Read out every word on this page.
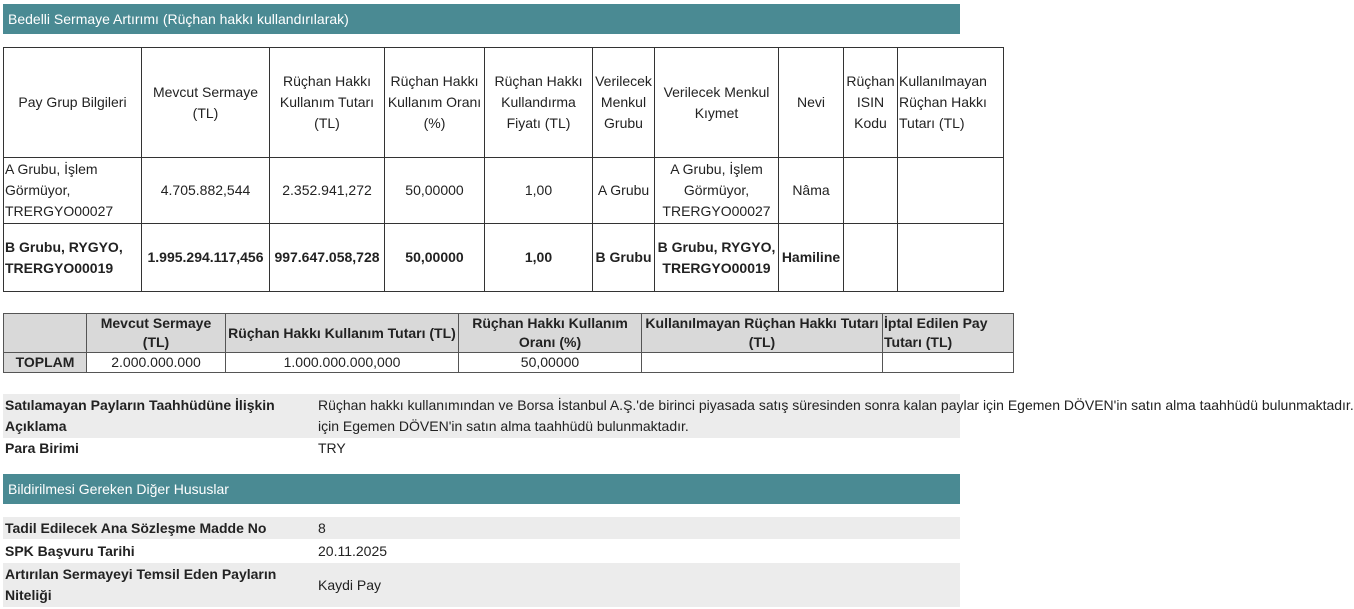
Bedelli Sermaye Artırımı (Rüçhan hakkı kullandırılarak)
Pay Grup Bilgileri	Mevcut Sermaye (TL)	Rüçhan Hakkı Kullanım Tutarı (TL)	Rüçhan Hakkı Kullanım Oranı (%)	Rüçhan Hakkı Kullandırma Fiyatı (TL)	Verilecek Menkul Grubu	Verilecek Menkul Kıymet	Nevi	Rüçhan ISIN Kodu	Kullanılmayan Rüçhan Hakkı Tutarı (TL)
A Grubu, İşlem Görmüyor, TRERGYO00027	4.705.882,544	2.352.941,272	50,00000	1,00	A Grubu	A Grubu, İşlem Görmüyor, TRERGYO00027	Nâma		
B Grubu, RYGYO, TRERGYO00019	1.995.294.117,456	997.647.058,728	50,00000	1,00	B Grubu	B Grubu, RYGYO, TRERGYO00019	Hamiline		
	Mevcut Sermaye (TL)	Rüçhan Hakkı Kullanım Tutarı (TL)	Rüçhan Hakkı Kullanım Oranı (%)	Kullanılmayan Rüçhan Hakkı Tutarı (TL)	İptal Edilen Pay Tutarı (TL)
TOPLAM	2.000.000.000	1.000.000.000,000	50,00000		
Satılamayan Payların Taahhüdüne İlişkin Açıklama
Rüçhan hakkı kullanımından ve Borsa İstanbul A.Ş.'de birinci piyasada satış süresinden sonra kalan paylar için Egemen DÖVEN'in satın alma taahhüdü bulunmaktadır.
için Egemen DÖVEN'in satın alma taahhüdü bulunmaktadır.
Para Birimi	TRY
Bildirilmesi Gereken Diğer Hususlar
Tadil Edilecek Ana Sözleşme Madde No	8
SPK Başvuru Tarihi	20.11.2025
Artırılan Sermayeyi Temsil Eden Payların Niteliği
Kaydi Pay
